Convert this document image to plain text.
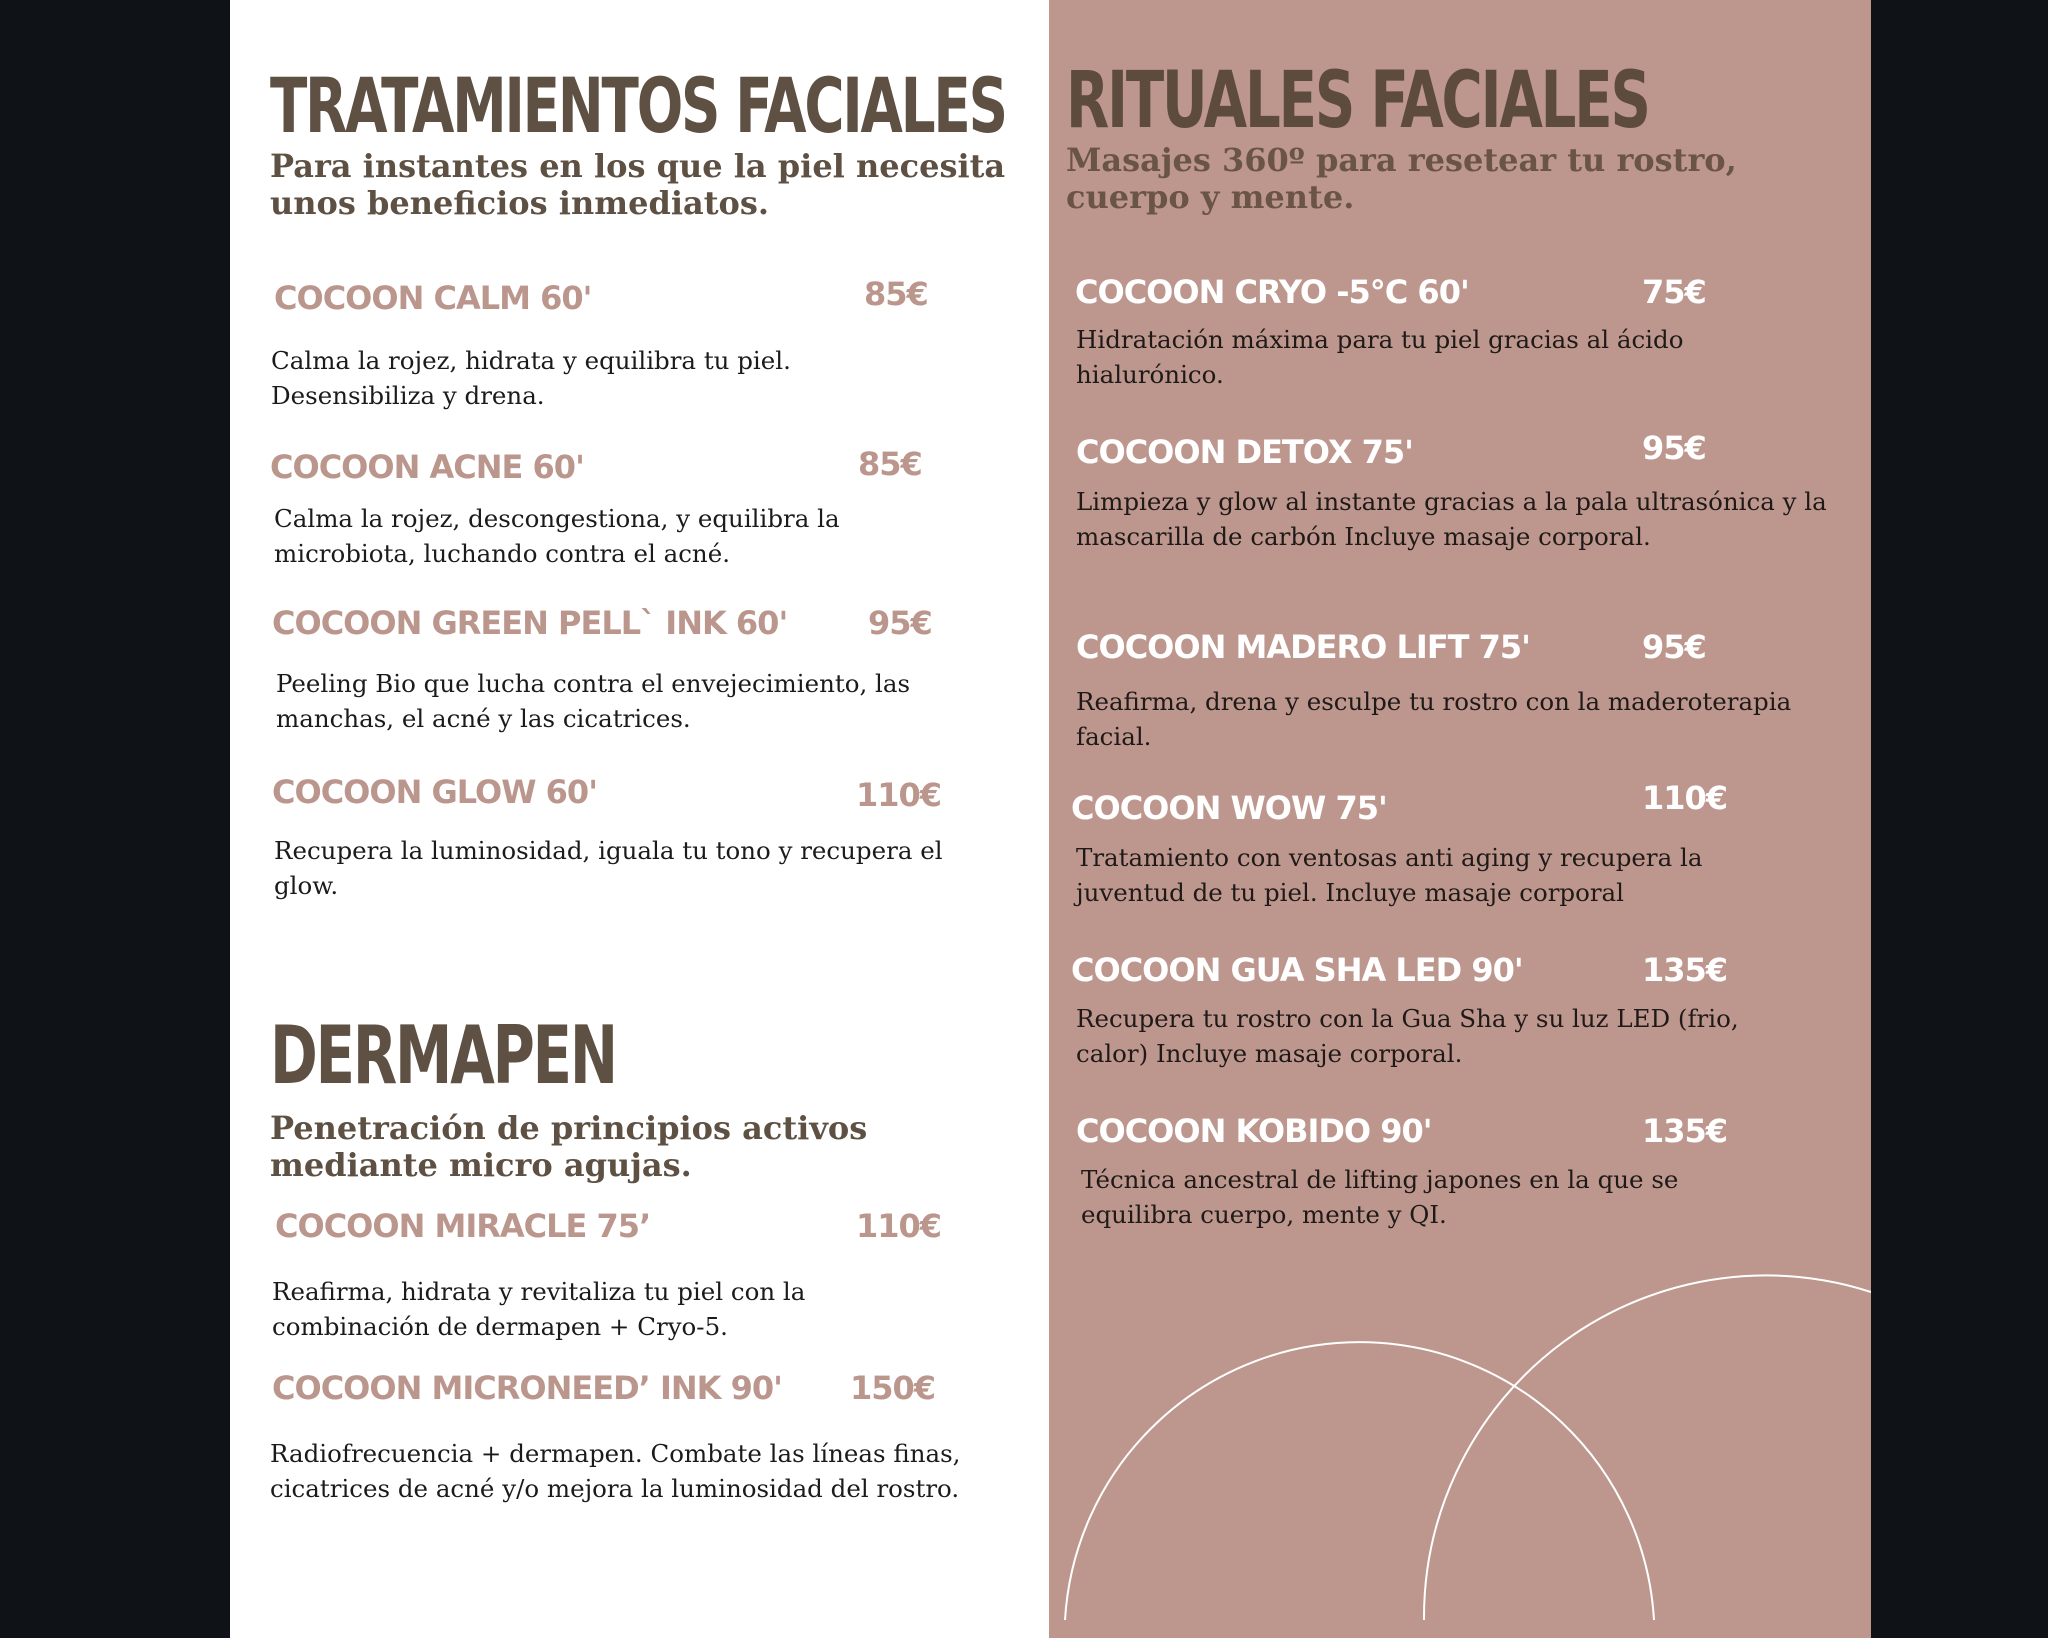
TRATAMIENTOS FACIALES
Para instantes en los que la piel necesita unos beneficios inmediatos.
COCOON CALM 60'	85€
Calma la rojez, hidrata y equilibra tu piel. Desensibiliza y drena.
COCOON ACNE 60'	85€
Calma la rojez, descongestiona, y equilibra la microbiota, luchando contra el acné.
COCOON GREEN PELL` INK 60'	95€
Peeling Bio que lucha contra el envejecimiento, las manchas, el acné y las cicatrices.
COCOON GLOW 60'	110€
Recupera la luminosidad, iguala tu tono y recupera el glow.
DERMAPEN
Penetración de principios activos mediante micro agujas.
COCOON MIRACLE 75’	110€
Reafirma, hidrata y revitaliza tu piel con la combinación de dermapen + Cryo-5.
COCOON MICRONEED’ INK 90' 150€
Radiofrecuencia + dermapen. Combate las líneas finas, cicatrices de acné y/o mejora la luminosidad del rostro.
RITUALES FACIALES
Masajes 360º para resetear tu rostro, cuerpo y mente.
COCOON CRYO -5°C 60'	75€
Hidratación máxima para tu piel gracias al ácido hialurónico.
COCOON DETOX 75'	95€
Limpieza y glow al instante gracias a la pala ultrasónica y la mascarilla de carbón Incluye masaje corporal.
COCOON MADERO LIFT 75'	95€
Reafirma, drena y esculpe tu rostro con la maderoterapia facial.
COCOON WOW 75'	110€
Tratamiento con ventosas anti aging y recupera la juventud de tu piel. Incluye masaje corporal
COCOON GUA SHA LED 90'	135€
Recupera tu rostro con la Gua Sha y su luz LED (frio, calor) Incluye masaje corporal.
COCOON KOBIDO 90'	135€
Técnica ancestral de lifting japones en la que se equilibra cuerpo, mente y QI.
